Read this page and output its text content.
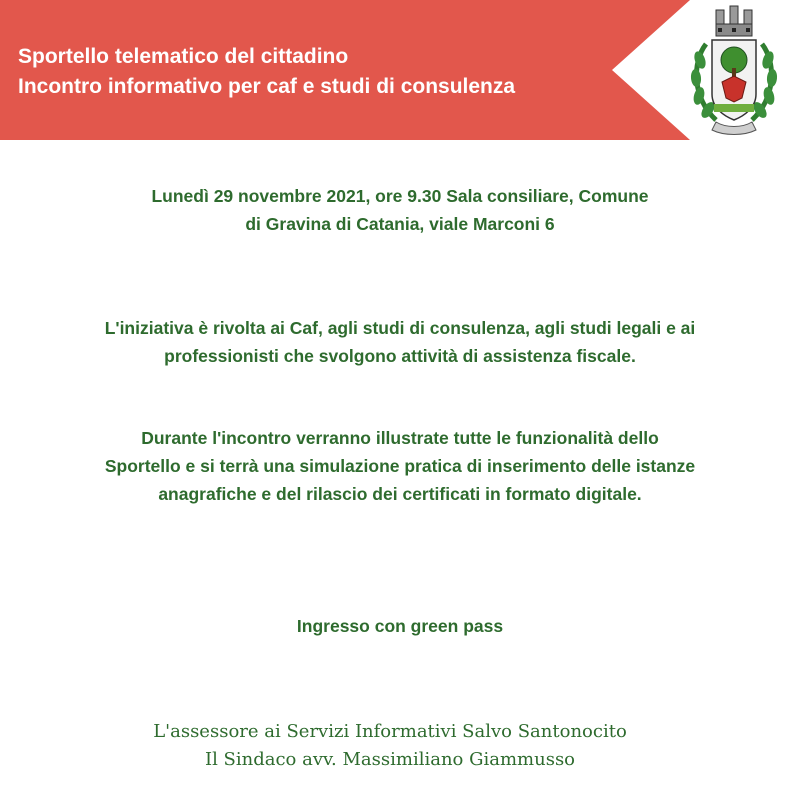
Sportello telematico del cittadino
Incontro informativo per caf e studi di consulenza
Lunedì 29 novembre 2021, ore 9.30 Sala consiliare, Comune
di Gravina di Catania, viale Marconi 6
L'iniziativa è rivolta ai Caf, agli studi di consulenza, agli studi legali e ai
professionisti che svolgono attività di assistenza fiscale.
Durante l'incontro verranno illustrate tutte le funzionalità dello
Sportello e si terrà una simulazione pratica di inserimento delle istanze
anagrafiche e del rilascio dei certificati in formato digitale.
Ingresso con green pass
L'assessore ai Servizi Informativi Salvo Santonocito
Il Sindaco avv. Massimiliano Giammusso
